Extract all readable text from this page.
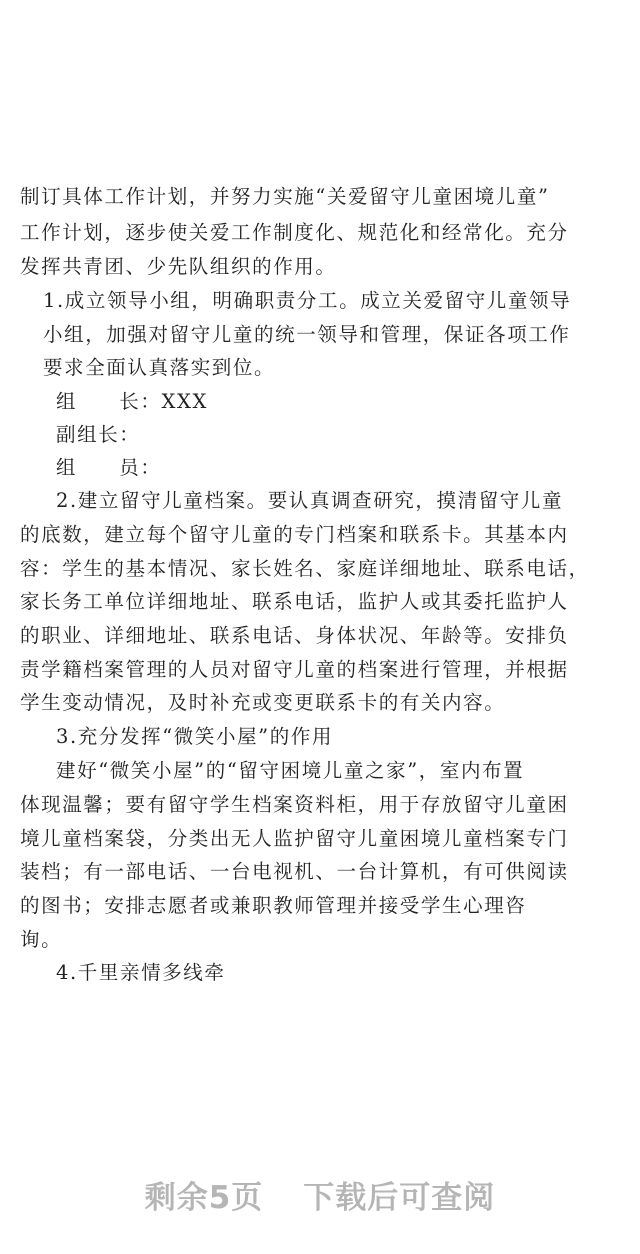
制订具体工作计划，并努力实施“关爱留守儿童困境儿童”
工作计划，逐步使关爱工作制度化、规范化和经常化。充分
发挥共青团、少先队组织的作用。
1.成立领导小组，明确职责分工。成立关爱留守儿童领导
小组，加强对留守儿童的统一领导和管理，保证各项工作
要求全面认真落实到位。
组　　长：XXX
副组长：
组　　员：
2.建立留守儿童档案。要认真调查研究，摸清留守儿童
的底数，建立每个留守儿童的专门档案和联系卡。其基本内
容：学生的基本情况、家长姓名、家庭详细地址、联系电话，
家长务工单位详细地址、联系电话，监护人或其委托监护人
的职业、详细地址、联系电话、身体状况、年龄等。安排负
责学籍档案管理的人员对留守儿童的档案进行管理，并根据
学生变动情况，及时补充或变更联系卡的有关内容。
3.充分发挥“微笑小屋”的作用
建好“微笑小屋”的“留守困境儿童之家”，室内布置
体现温馨；要有留守学生档案资料柜，用于存放留守儿童困
境儿童档案袋，分类出无人监护留守儿童困境儿童档案专门
装档；有一部电话、一台电视机、一台计算机，有可供阅读
的图书；安排志愿者或兼职教师管理并接受学生心理咨
询。
4.千里亲情多线牵
剩余5页 下载后可查阅
